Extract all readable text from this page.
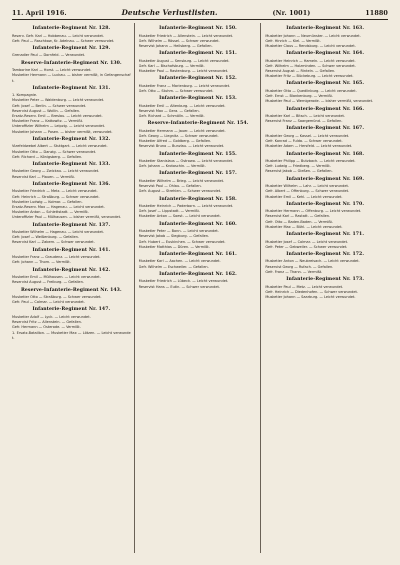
11. April 1916.	Deutsche Verlustlisten.	(Nr. 1001)	11880
Infanterie-Regiment Nr. 128.
Reserv. Gefr. Karl — Hobbenau. — Leicht verwundet.
Gefr. Paul — Raschkow, Kr. Adelnau. — Schwer verwundet.
Infanterie-Regiment Nr. 129.
Grenadier Paul — Dornfeld. — Verwundet.
Reserve-Infanterie-Regiment Nr. 130.
Tamborine Karl — Horst. — Leicht verwundet.
Musketier Hermann — Luckau. — bisher vermißt, in Gefangenschaft.
Infanterie-Regiment Nr. 131.
1. Kompagnie.
Musketier Peter — Waldenburg. — Leicht verwundet.
Gefr. Josef — Berlin. — Schwer verwundet.
Reservist August — Wollin. — Gefallen.
Ersatz-Reserv. Emil — Breslau. — Leicht verwundet.
Musketier Franz — Kattowitz. — Vermißt.
Unteroffizier Wilhelm — Leipzig. — Leicht verwundet.
Musketier Johann — Posen. — bisher vermißt, verwundet.
Infanterie-Regiment Nr. 132.
Vizefeldwebel Albert — Stuttgart. — Leicht verwundet.
Musketier Otto — Danzig. — Schwer verwundet.
Gefr. Richard — Königsberg. — Gefallen.
Infanterie-Regiment Nr. 133.
Musketier Georg — Zwickau. — Leicht verwundet.
Reservist Karl — Plauen. — Vermißt.
Infanterie-Regiment Nr. 136.
Musketier Friedrich — Metz. — Leicht verwundet.
Gefr. Heinrich — Straßburg. — Schwer verwundet.
Musketier Ludwig — Kolmar. — Gefallen.
Ersatz-Reserv. Max — Hagenau. — Leicht verwundet.
Musketier Anton — Schlettstadt. — Vermißt.
Unteroffizier Paul — Mülhausen. — bisher vermißt, verwundet.
Infanterie-Regiment Nr. 137.
Musketier Wilhelm — Hagenau. — Leicht verwundet.
Gefr. Josef — Weißenburg. — Gefallen.
Reservist Karl — Zabern. — Schwer verwundet.
Infanterie-Regiment Nr. 141.
Musketier Franz — Graudenz. — Leicht verwundet.
Gefr. Johann — Thorn. — Vermißt.
Infanterie-Regiment Nr. 142.
Musketier Emil — Mülhausen. — Leicht verwundet.
Reservist August — Freiburg. — Gefallen.
Reserve-Infanterie-Regiment Nr. 143.
Musketier Otto — Straßburg. — Schwer verwundet.
Gefr. Paul — Colmar. — Leicht verwundet.
Infanterie-Regiment Nr. 147.
Musketier Adolf — Lyck. — Leicht verwundet.
Reservist Fritz — Allenstein. — Gefallen.
Gefr. Hermann — Osterode. — Vermißt.
1. Ersatz-Bataillon. — Musketier Max — Lötzen. — Leicht verwundet.
Infanterie-Regiment Nr. 150.
Musketier Friedrich — Allenstein. — Leicht verwundet.
Gefr. Wilhelm — Rössel. — Schwer verwundet.
Reservist Johann — Heilsberg. — Gefallen.
Infanterie-Regiment Nr. 151.
Musketier August — Sensburg. — Leicht verwundet.
Gefr. Karl — Bischofsburg. — Vermißt.
Musketier Paul — Rastenburg. — Leicht verwundet.
Infanterie-Regiment Nr. 152.
Musketier Franz — Marienburg. — Leicht verwundet.
Gefr. Otto — Stuhm. — Schwer verwundet.
Infanterie-Regiment Nr. 153.
Musketier Emil — Altenburg. — Leicht verwundet.
Reservist Max — Gera. — Gefallen.
Gefr. Richard — Schmölln. — Vermißt.
Reserve-Infanterie-Regiment Nr. 154.
Musketier Hermann — Jauer. — Leicht verwundet.
Gefr. Georg — Liegnitz. — Schwer verwundet.
Musketier Alfred — Goldberg. — Gefallen.
Reservist Bruno — Bunzlau. — Leicht verwundet.
Infanterie-Regiment Nr. 155.
Musketier Stanislaus — Ostrowo. — Leicht verwundet.
Gefr. Johann — Krotoschin. — Vermißt.
Infanterie-Regiment Nr. 157.
Musketier Wilhelm — Brieg. — Leicht verwundet.
Reservist Paul — Ohlau. — Gefallen.
Gefr. August — Strehlen. — Schwer verwundet.
Infanterie-Regiment Nr. 158.
Musketier Heinrich — Paderborn. — Leicht verwundet.
Gefr. Josef — Lippstadt. — Vermißt.
Musketier Anton — Soest. — Leicht verwundet.
Infanterie-Regiment Nr. 160.
Musketier Peter — Bonn. — Leicht verwundet.
Reservist Jakob — Siegburg. — Gefallen.
Gefr. Hubert — Euskirchen. — Schwer verwundet.
Musketier Matthias — Düren. — Vermißt.
Infanterie-Regiment Nr. 161.
Musketier Karl — Aachen. — Leicht verwundet.
Gefr. Wilhelm — Eschweiler. — Gefallen.
Infanterie-Regiment Nr. 162.
Musketier Friedrich — Lübeck. — Leicht verwundet.
Reservist Hans — Eutin. — Schwer verwundet.
Infanterie-Regiment Nr. 163.
Musketier Johann — Neumünster. — Leicht verwundet.
Gefr. Hinrich — Kiel. — Vermißt.
Musketier Claus — Rendsburg. — Leicht verwundet.
Infanterie-Regiment Nr. 164.
Musketier Heinrich — Hameln. — Leicht verwundet.
Gefr. Wilhelm — Holzminden. — Schwer verwundet.
Reservist August — Rinteln. — Gefallen.
Musketier Fritz — Bückeburg. — Leicht verwundet.
Infanterie-Regiment Nr. 165.
Musketier Otto — Quedlinburg. — Leicht verwundet.
Gefr. Ernst — Blankenburg. — Vermißt.
Musketier Paul — Wernigerode. — bisher vermißt, verwundet.
Infanterie-Regiment Nr. 166.
Musketier Karl — Bitsch. — Leicht verwundet.
Reservist Franz — Saargemünd. — Gefallen.
Infanterie-Regiment Nr. 167.
Musketier Georg — Kassel. — Leicht verwundet.
Gefr. Konrad — Fulda. — Schwer verwundet.
Musketier Adam — Hersfeld. — Leicht verwundet.
Infanterie-Regiment Nr. 168.
Musketier Philipp — Butzbach. — Leicht verwundet.
Gefr. Ludwig — Friedberg. — Vermißt.
Reservist Jakob — Gießen. — Gefallen.
Infanterie-Regiment Nr. 169.
Musketier Wilhelm — Lahr. — Leicht verwundet.
Gefr. Albert — Offenburg. — Schwer verwundet.
Musketier Emil — Kehl. — Leicht verwundet.
Infanterie-Regiment Nr. 170.
Musketier Hermann — Offenburg. — Leicht verwundet.
Reservist Karl — Rastatt. — Gefallen.
Gefr. Otto — Baden-Baden. — Vermißt.
Musketier Max — Bühl. — Leicht verwundet.
Infanterie-Regiment Nr. 171.
Musketier Josef — Colmar. — Leicht verwundet.
Gefr. Peter — Gebweiler. — Schwer verwundet.
Infanterie-Regiment Nr. 172.
Musketier Anton — Neubreisach. — Leicht verwundet.
Reservist Georg — Rufach. — Gefallen.
Gefr. Franz — Thann. — Vermißt.
Infanterie-Regiment Nr. 173.
Musketier Paul — Metz. — Leicht verwundet.
Gefr. Heinrich — Diedenhofen. — Schwer verwundet.
Musketier Johann — Saarburg. — Leicht verwundet.
